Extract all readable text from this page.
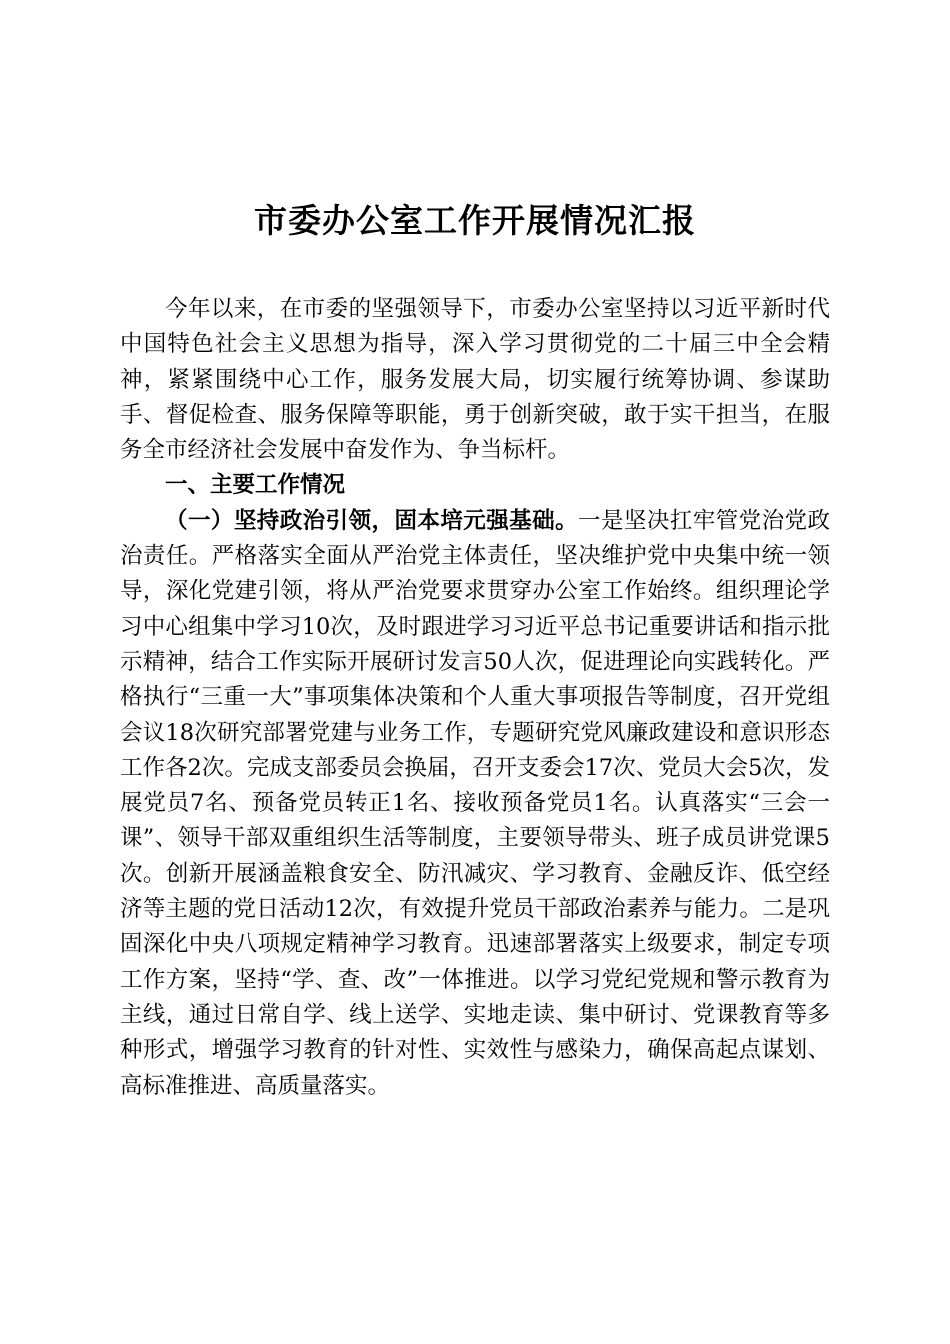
市委办公室工作开展情况汇报

今年以来，在市委的坚强领导下，市委办公室坚持以习近平新时代中国特色社会主义思想为指导，深入学习贯彻党的二十届三中全会精神，紧紧围绕中心工作，服务发展大局，切实履行统筹协调、参谋助手、督促检查、服务保障等职能，勇于创新突破，敢于实干担当，在服务全市经济社会发展中奋发作为、争当标杆。

一、主要工作情况

（一）坚持政治引领，固本培元强基础。一是坚决扛牢管党治党政治责任。严格落实全面从严治党主体责任，坚决维护党中央集中统一领导，深化党建引领，将从严治党要求贯穿办公室工作始终。组织理论学习中心组集中学习10次，及时跟进学习习近平总书记重要讲话和指示批示精神，结合工作实际开展研讨发言50人次，促进理论向实践转化。严格执行“三重一大”事项集体决策和个人重大事项报告等制度，召开党组会议18次研究部署党建与业务工作，专题研究党风廉政建设和意识形态工作各2次。完成支部委员会换届，召开支委会17次、党员大会5次，发展党员7名、预备党员转正1名、接收预备党员1名。认真落实“三会一课”、领导干部双重组织生活等制度，主要领导带头、班子成员讲党课5次。创新开展涵盖粮食安全、防汛减灾、学习教育、金融反诈、低空经济等主题的党日活动12次，有效提升党员干部政治素养与能力。二是巩固深化中央八项规定精神学习教育。迅速部署落实上级要求，制定专项工作方案，坚持“学、查、改”一体推进。以学习党纪党规和警示教育为主线，通过日常自学、线上送学、实地走读、集中研讨、党课教育等多种形式，增强学习教育的针对性、实效性与感染力，确保高起点谋划、高标准推进、高质量落实。
